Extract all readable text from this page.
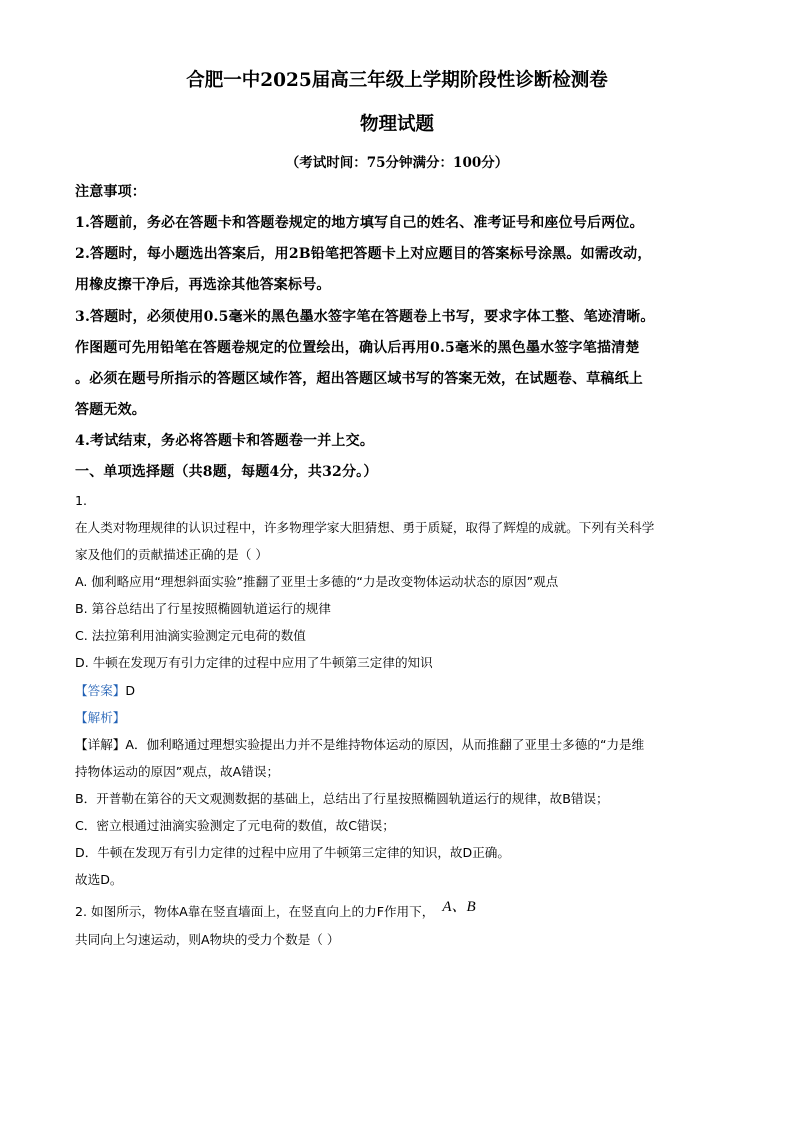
合肥一中2025届高三年级上学期阶段性诊断检测卷
物理试题
（考试时间：75分钟满分：100分）
注意事项：
1.答题前，务必在答题卡和答题卷规定的地方填写自己的姓名、准考证号和座位号后两位。
2.答题时，每小题选出答案后，用2B铅笔把答题卡上对应题目的答案标号涂黑。如需改动，
用橡皮擦干净后，再选涂其他答案标号。
3.答题时，必须使用0.5毫米的黑色墨水签字笔在答题卷上书写，要求字体工整、笔迹清晰。
作图题可先用铅笔在答题卷规定的位置绘出，确认后再用0.5毫米的黑色墨水签字笔描清楚
。必须在题号所指示的答题区域作答，超出答题区域书写的答案无效，在试题卷、草稿纸上
答题无效。
4.考试结束，务必将答题卡和答题卷一并上交。
一、单项选择题（共8题，每题4分，共32分。）
1.
在人类对物理规律的认识过程中，许多物理学家大胆猜想、勇于质疑，取得了辉煌的成就。下列有关科学
家及他们的贡献描述正确的是（ ）
A. 伽利略应用“理想斜面实验”推翻了亚里士多德的“力是改变物体运动状态的原因”观点
B. 第谷总结出了行星按照椭圆轨道运行的规律
C. 法拉第利用油滴实验测定元电荷的数值
D. 牛顿在发现万有引力定律的过程中应用了牛顿第三定律的知识
【答案】D
【解析】
【详解】A．伽利略通过理想实验提出力并不是维持物体运动的原因，从而推翻了亚里士多德的“力是维
持物体运动的原因”观点，故A错误；
B．开普勒在第谷的天文观测数据的基础上，总结出了行星按照椭圆轨道运行的规律，故B错误；
C．密立根通过油滴实验测定了元电荷的数值，故C错误；
D．牛顿在发现万有引力定律的过程中应用了牛顿第三定律的知识，故D正确。
故选D。
2. 如图所示，物体A靠在竖直墙面上，在竖直向上的力F作用下， A、B
共同向上匀速运动，则A物块的受力个数是（ ）
